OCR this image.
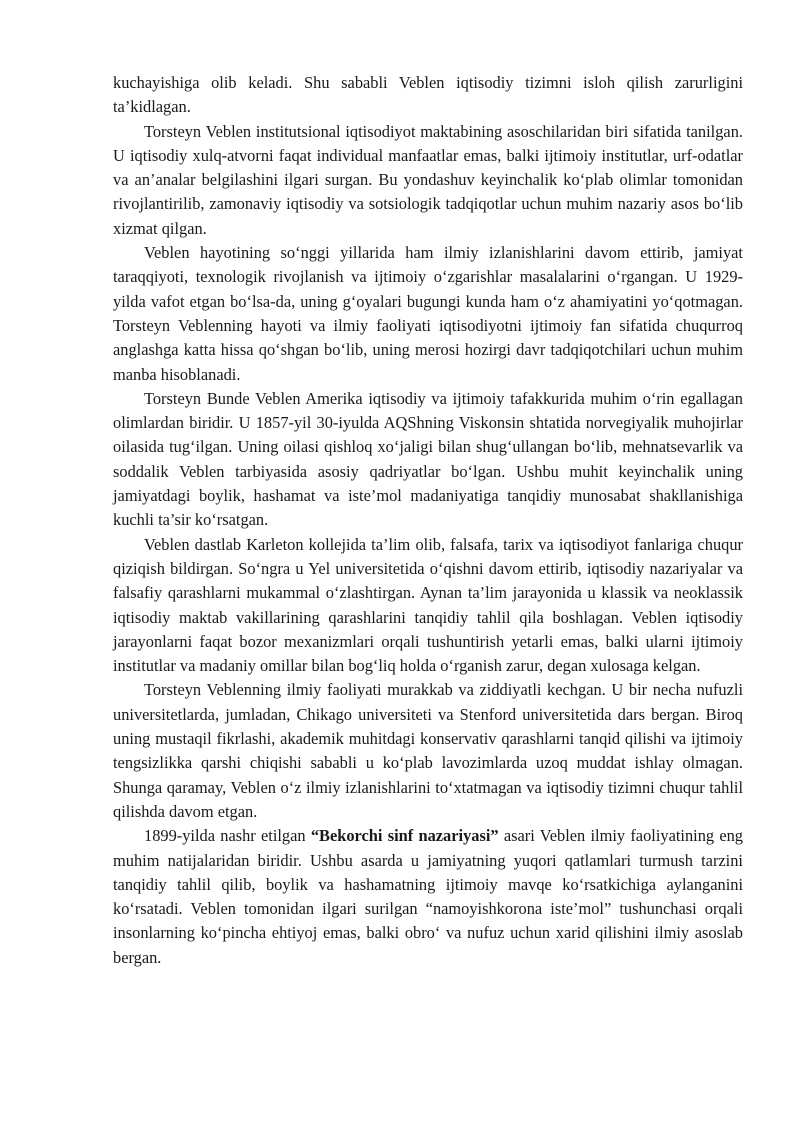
kuchayishiga olib keladi. Shu sababli Veblen iqtisodiy tizimni isloh qilish zarurligini ta’kidlagan.

Torsteyn Veblen institutsional iqtisodiyot maktabining asoschilaridan biri sifatida tanilgan. U iqtisodiy xulq-atvorni faqat individual manfaatlar emas, balki ijtimoiy institutlar, urf-odatlar va an’analar belgilashini ilgari surgan. Bu yondashuv keyinchalik ko‘plab olimlar tomonidan rivojlantirilib, zamonaviy iqtisodiy va sotsiologik tadqiqotlar uchun muhim nazariy asos bo‘lib xizmat qilgan.

Veblen hayotining so‘nggi yillarida ham ilmiy izlanishlarini davom ettirib, jamiyat taraqqiyoti, texnologik rivojlanish va ijtimoiy o‘zgarishlar masalalarini o‘rgangan. U 1929-yilda vafot etgan bo‘lsa-da, uning g‘oyalari bugungi kunda ham o‘z ahamiyatini yo‘qotmagan. Torsteyn Veblenning hayoti va ilmiy faoliyati iqtisodiyotni ijtimoiy fan sifatida chuqurroq anglashga katta hissa qo‘shgan bo‘lib, uning merosi hozirgi davr tadqiqotchilari uchun muhim manba hisoblanadi.

Torsteyn Bunde Veblen Amerika iqtisodiy va ijtimoiy tafakkurida muhim o‘rin egallagan olimlardan biridir. U 1857-yil 30-iyulda AQShning Viskonsin shtatida norvegiyalik muhojirlar oilasida tug‘ilgan. Uning oilasi qishloq xo‘jaligi bilan shug‘ullangan bo‘lib, mehnatsevarlik va soddalik Veblen tarbiyasida asosiy qadriyatlar bo‘lgan. Ushbu muhit keyinchalik uning jamiyatdagi boylik, hashamat va iste’mol madaniyatiga tanqidiy munosabat shakllanishiga kuchli ta’sir ko‘rsatgan.

Veblen dastlab Karleton kollejida ta’lim olib, falsafa, tarix va iqtisodiyot fanlariga chuqur qiziqish bildirgan. So‘ngra u Yel universitetida o‘qishni davom ettirib, iqtisodiy nazariyalar va falsafiy qarashlarni mukammal o‘zlashtirgan. Aynan ta’lim jarayonida u klassik va neoklassik iqtisodiy maktab vakillarining qarashlarini tanqidiy tahlil qila boshlagan. Veblen iqtisodiy jarayonlarni faqat bozor mexanizmlari orqali tushuntirish yetarli emas, balki ularni ijtimoiy institutlar va madaniy omillar bilan bog‘liq holda o‘rganish zarur, degan xulosaga kelgan.

Torsteyn Veblenning ilmiy faoliyati murakkab va ziddiyatli kechgan. U bir necha nufuzli universitetlarda, jumladan, Chikago universiteti va Stenford universitetida dars bergan. Biroq uning mustaqil fikrlashi, akademik muhitdagi konservativ qarashlarni tanqid qilishi va ijtimoiy tengsizlikka qarshi chiqishi sababli u ko‘plab lavozimlarda uzoq muddat ishlay olmagan. Shunga qaramay, Veblen o‘z ilmiy izlanishlarini to‘xtatmagan va iqtisodiy tizimni chuqur tahlil qilishda davom etgan.

1899-yilda nashr etilgan “Bekorchi sinf nazariyasi” asari Veblen ilmiy faoliyatining eng muhim natijalaridan biridir. Ushbu asarda u jamiyatning yuqori qatlamlari turmush tarzini tanqidiy tahlil qilib, boylik va hashamatning ijtimoiy mavqe ko‘rsatkichiga aylanganini ko‘rsatadi. Veblen tomonidan ilgari surilgan “namoyishkorona iste’mol” tushunchasi orqali insonlarning ko‘pincha ehtiyoj emas, balki obro‘ va nufuz uchun xarid qilishini ilmiy asoslab bergan.
